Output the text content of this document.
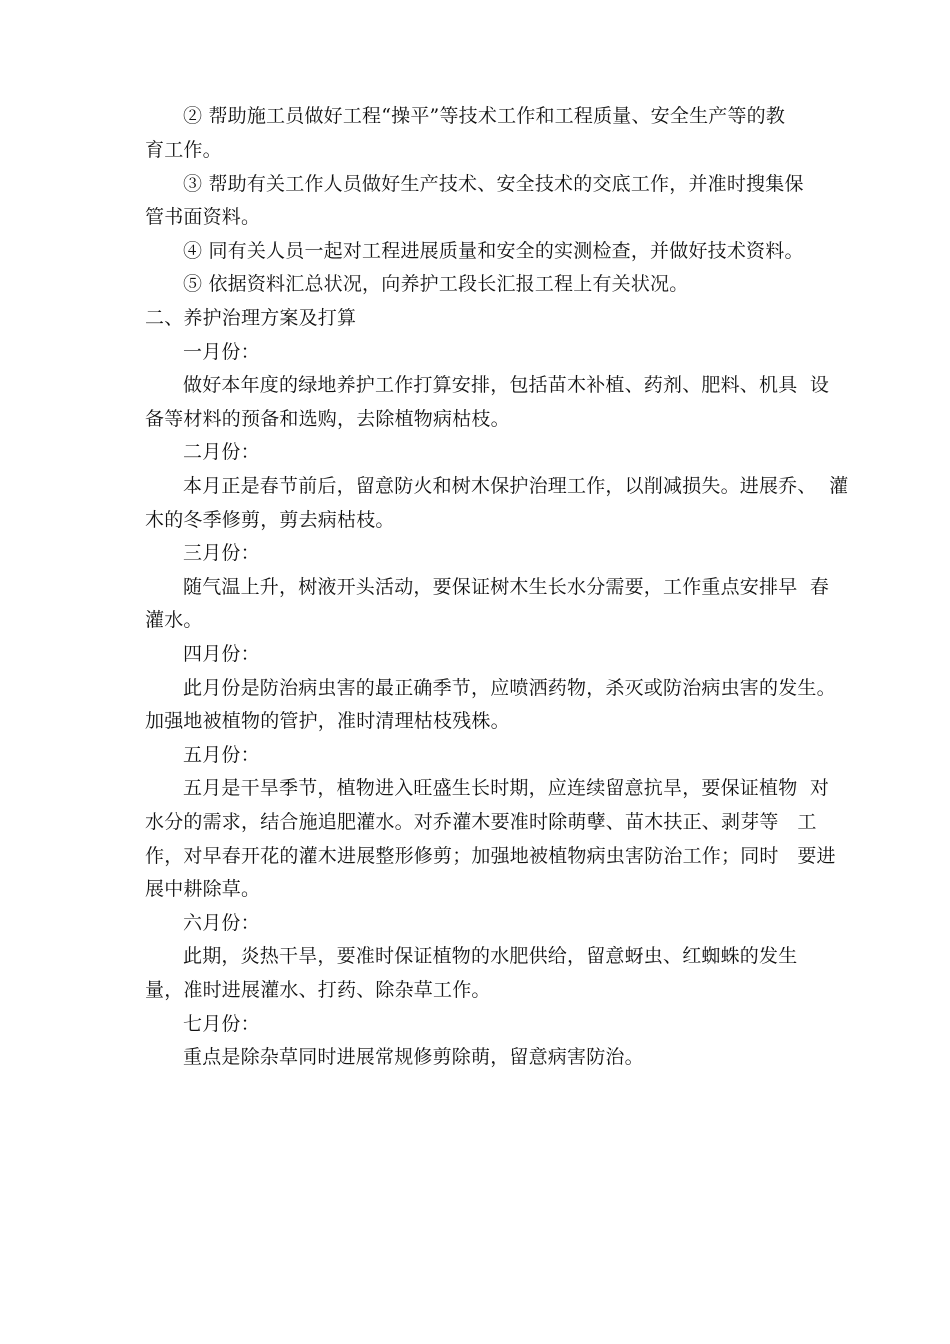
② 帮助施工员做好工程“操平”等技术工作和工程质量、安全生产等的教
育工作。
③ 帮助有关工作人员做好生产技术、安全技术的交底工作，并准时搜集保
管书面资料。
④ 同有关人员一起对工程进展质量和安全的实测检查，并做好技术资料。
⑤ 依据资料汇总状况，向养护工段长汇报工程上有关状况。
二、养护治理方案及打算
一月份：
做好本年度的绿地养护工作打算安排，包括苗木补植、药剂、肥料、机具  设
备等材料的预备和选购，去除植物病枯枝。
二月份：
本月正是春节前后，留意防火和树木保护治理工作，以削减损失。进展乔、  灌
木的冬季修剪，剪去病枯枝。
三月份：
随气温上升，树液开头活动，要保证树木生长水分需要，工作重点安排早  春
灌水。
四月份：
此月份是防治病虫害的最正确季节，应喷洒药物，杀灭或防治病虫害的发生。
加强地被植物的管护，准时清理枯枝残株。
五月份：
五月是干旱季节，植物进入旺盛生长时期，应连续留意抗旱，要保证植物  对
水分的需求，结合施追肥灌水。对乔灌木要准时除萌孽、苗木扶正、剥芽等   工
作，对早春开花的灌木进展整形修剪；加强地被植物病虫害防治工作；同时   要进
展中耕除草。
六月份：
此期，炎热干旱，要准时保证植物的水肥供给，留意蚜虫、红蜘蛛的发生
量，准时进展灌水、打药、除杂草工作。
七月份：
重点是除杂草同时进展常规修剪除萌，留意病害防治。
